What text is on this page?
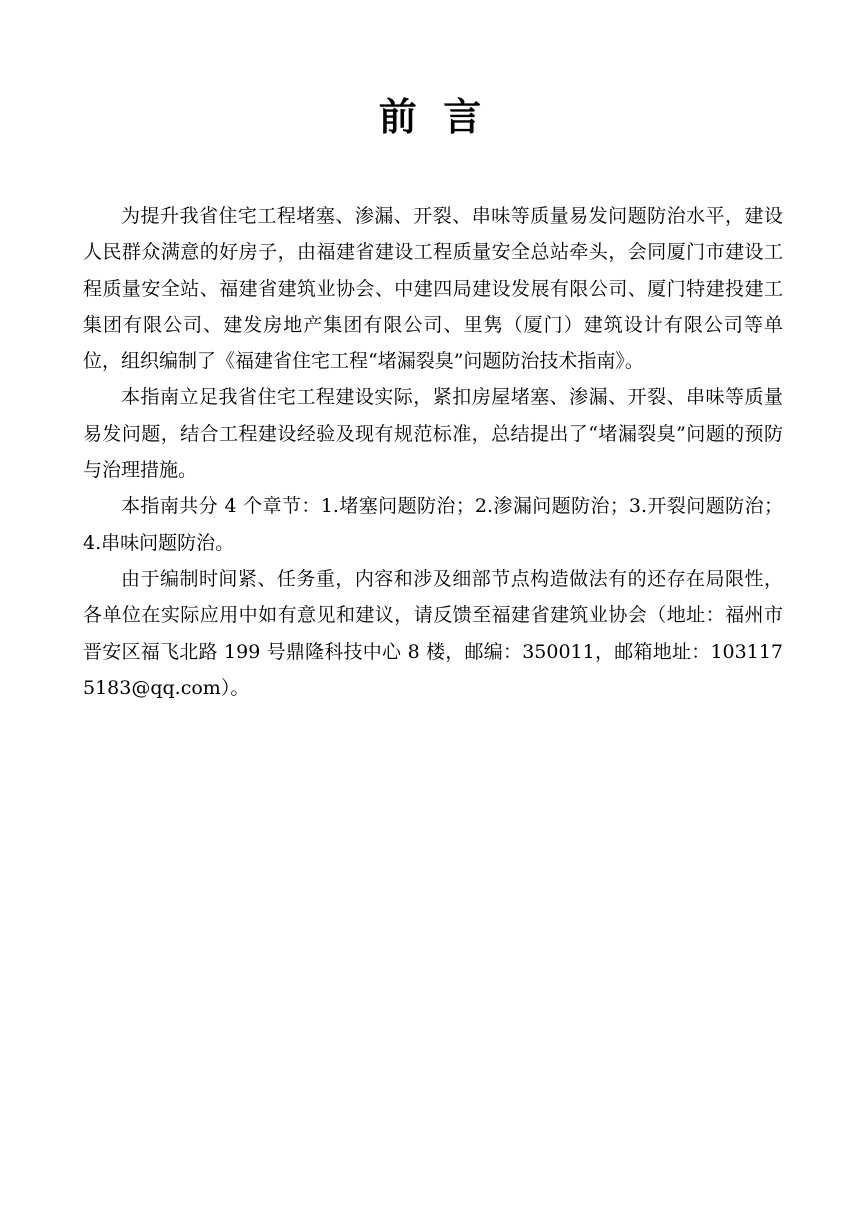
前  言

为提升我省住宅工程堵塞、渗漏、开裂、串味等质量易发问题防治水平，建设人民群众满意的好房子，由福建省建设工程质量安全总站牵头，会同厦门市建设工程质量安全站、福建省建筑业协会、中建四局建设发展有限公司、厦门特建投建工集团有限公司、建发房地产集团有限公司、里隽（厦门）建筑设计有限公司等单位，组织编制了《福建省住宅工程“堵漏裂臭”问题防治技术指南》。

本指南立足我省住宅工程建设实际，紧扣房屋堵塞、渗漏、开裂、串味等质量易发问题，结合工程建设经验及现有规范标准，总结提出了“堵漏裂臭”问题的预防与治理措施。

本指南共分 4 个章节：1.堵塞问题防治；2.渗漏问题防治；3.开裂问题防治；4.串味问题防治。

由于编制时间紧、任务重，内容和涉及细部节点构造做法有的还存在局限性，各单位在实际应用中如有意见和建议，请反馈至福建省建筑业协会（地址：福州市晋安区福飞北路 199 号鼎隆科技中心 8 楼，邮编：350011，邮箱地址：1031175183@qq.com）。
